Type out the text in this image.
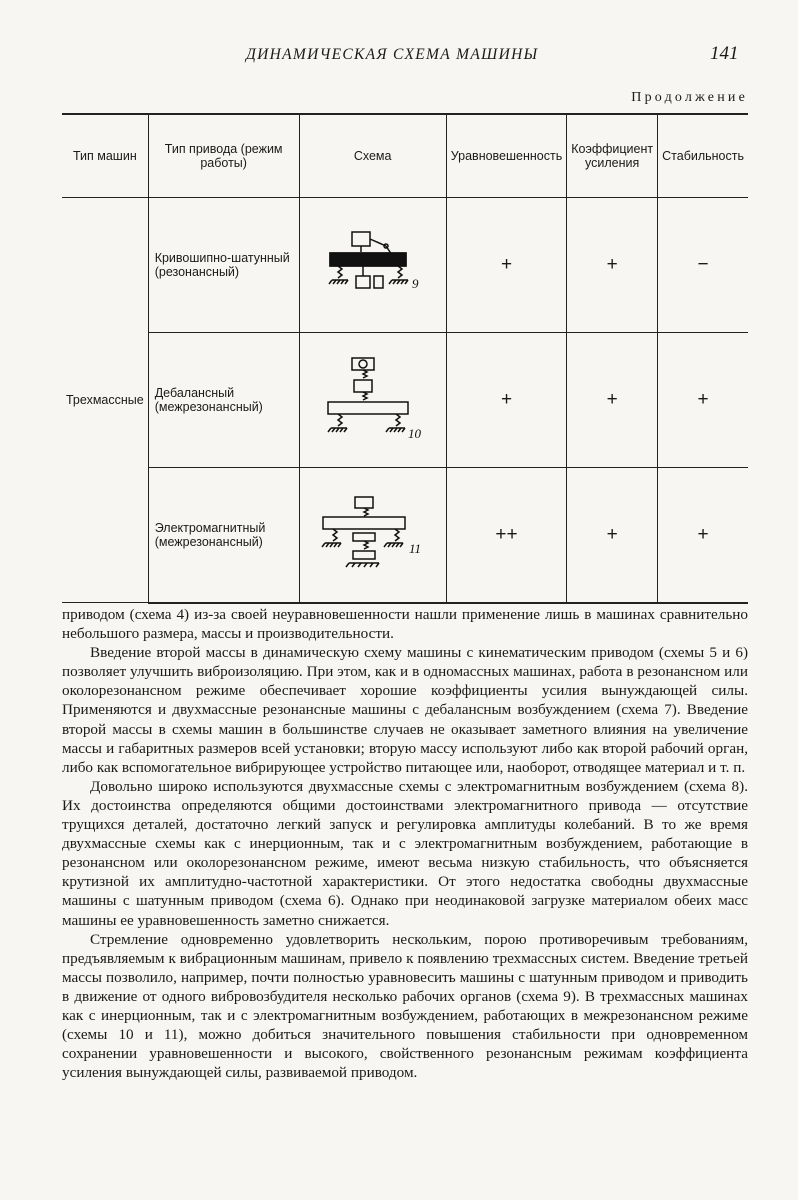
ДИНАМИЧЕСКАЯ СХЕМА МАШИНЫ	141
Продолжение
Тип машин	Тип привода (режим работы)	Схема	Уравновешенность	Коэффициент усиления	Стабильность
Трехмассные	Кривошипно-шатунный (резонансный)	9	+	+	−
	Дебалансный (межрезонансный)	10	+	+	+
	Электромагнитный (межрезонансный)	11	++	+	+

приводом (схема 4) из-за своей неуравновешенности нашли применение лишь в машинах сравнительно небольшого размера, массы и производительности.

Введение второй массы в динамическую схему машины с кинематическим приводом (схемы 5 и 6) позволяет улучшить виброизоляцию. При этом, как и в одномассных машинах, работа в резонансном или околорезонансном режиме обеспечивает хорошие коэффициенты усилия вынуждающей силы. Применяются и двухмассные резонансные машины с дебалансным возбуждением (схема 7). Введение второй массы в схемы машин в большинстве случаев не оказывает заметного влияния на увеличение массы и габаритных размеров всей установки; вторую массу используют либо как второй рабочий орган, либо как вспомогательное вибрирующее устройство питающее или, наоборот, отводящее материал и т. п.

Довольно широко используются двухмассные схемы с электромагнитным возбуждением (схема 8). Их достоинства определяются общими достоинствами электромагнитного привода — отсутствие трущихся деталей, достаточно легкий запуск и регулировка амплитуды колебаний. В то же время двухмассные схемы как с инерционным, так и с электромагнитным возбуждением, работающие в резонансном или околорезонансном режиме, имеют весьма низкую стабильность, что объясняется крутизной их амплитудно-частотной характеристики. От этого недостатка свободны двухмассные машины с шатунным приводом (схема 6). Однако при неодинаковой загрузке материалом обеих масс машины ее уравновешенность заметно снижается.

Стремление одновременно удовлетворить нескольким, порою противоречивым требованиям, предъявляемым к вибрационным машинам, привело к появлению трехмассных систем. Введение третьей массы позволило, например, почти полностью уравновесить машины с шатунным приводом и приводить в движение от одного вибровозбудителя несколько рабочих органов (схема 9). В трехмассных машинах как с инерционным, так и с электромагнитным возбуждением, работающих в межрезонансном режиме (схемы 10 и 11), можно добиться значительного повышения стабильности при одновременном сохранении уравновешенности и высокого, свойственного резонансным режимам коэффициента усиления вынуждающей силы, развиваемой приводом.
